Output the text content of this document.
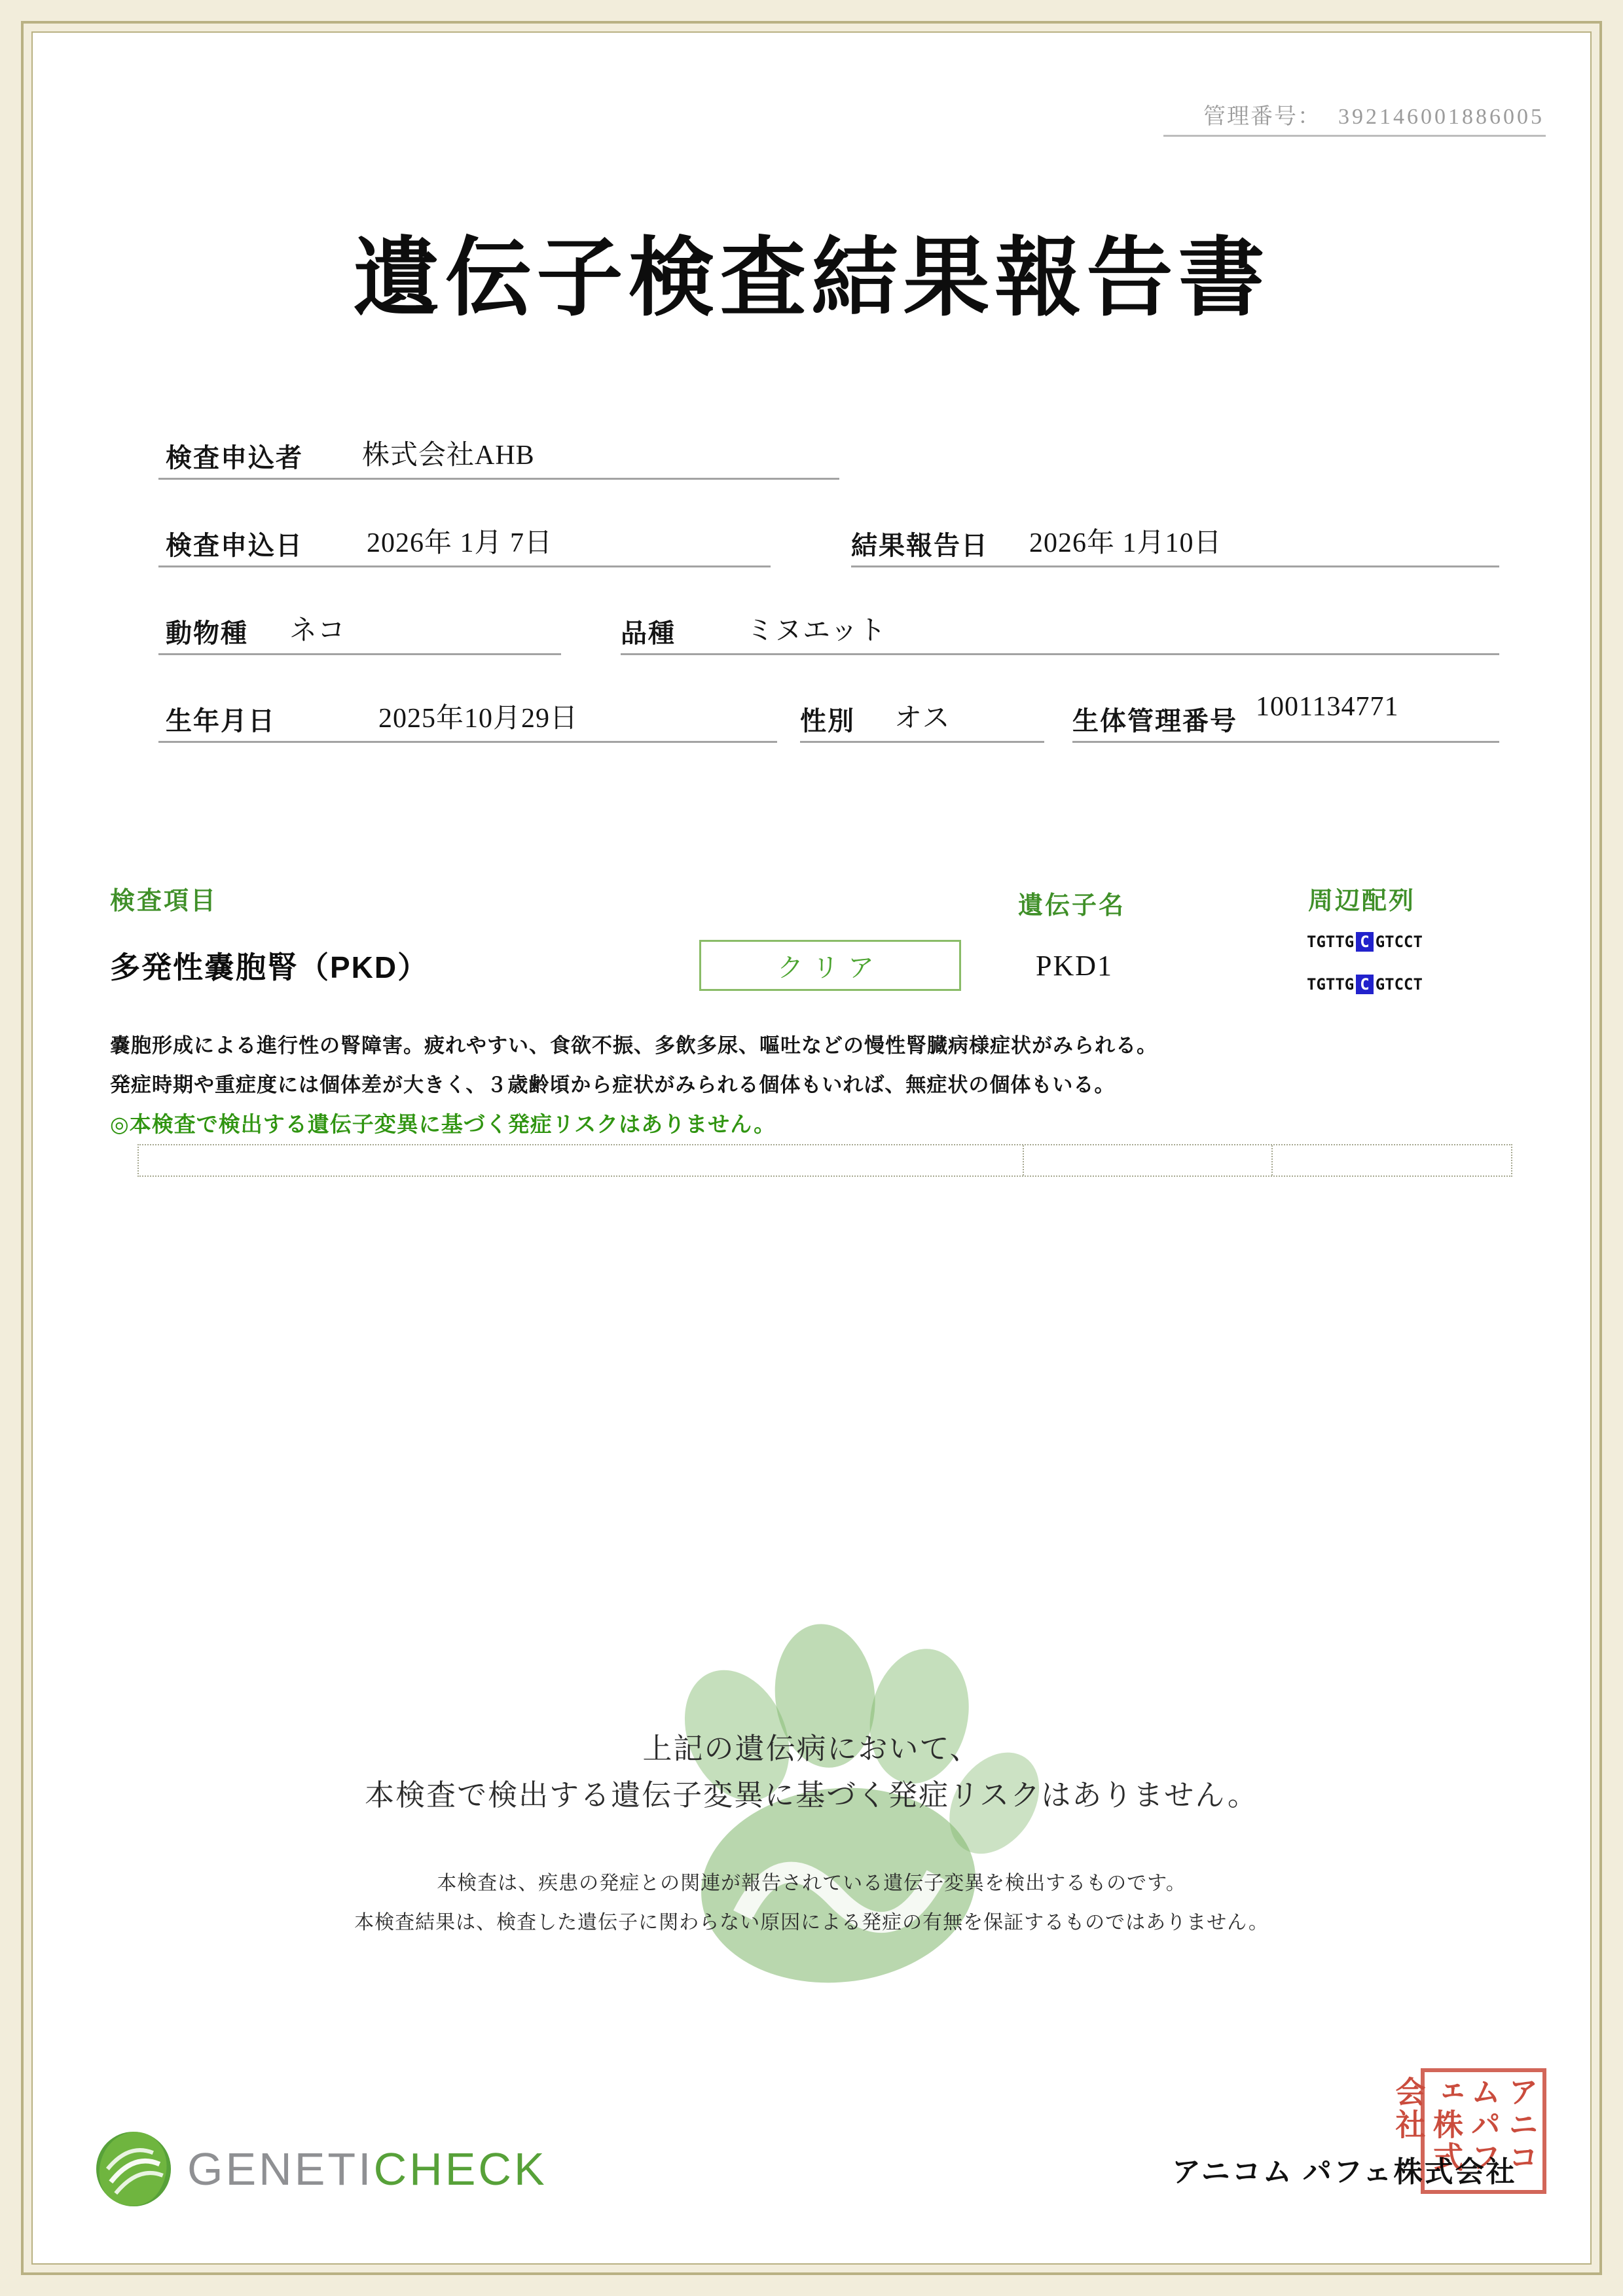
管理番号： 392146001886005
遺伝子検査結果報告書
検査申込者 株式会社AHB
検査申込日 2026年 1月 7日	結果報告日 2026年 1月10日
動物種 ネコ	品種	ミヌエット
生年月日	2025年10月29日	性別 オス	生体管理番号 1001134771
検査項目	遺伝子名	周辺配列
多発性嚢胞腎（PKD）	クリア	PKD1
TGTTG C GTCCT
TGTTG C GTCCT
嚢胞形成による進行性の腎障害。疲れやすい、食欲不振、多飲多尿、嘔吐などの慢性腎臓病様症状がみられる。
発症時期や重症度には個体差が大きく、３歳齢頃から症状がみられる個体もいれば、無症状の個体もいる。
◎本検査で検出する遺伝子変異に基づく発症リスクはありません。
上記の遺伝病において、
本検査で検出する遺伝子変異に基づく発症リスクはありません。
本検査は、疾患の発症との関連が報告されている遺伝子変異を検出するものです。
本検査結果は、検査した遺伝子に関わらない原因による発症の有無を保証するものではありません。
GENETICHECK	アニコム パフェ株式会社
アニコムパフェ株式会社
